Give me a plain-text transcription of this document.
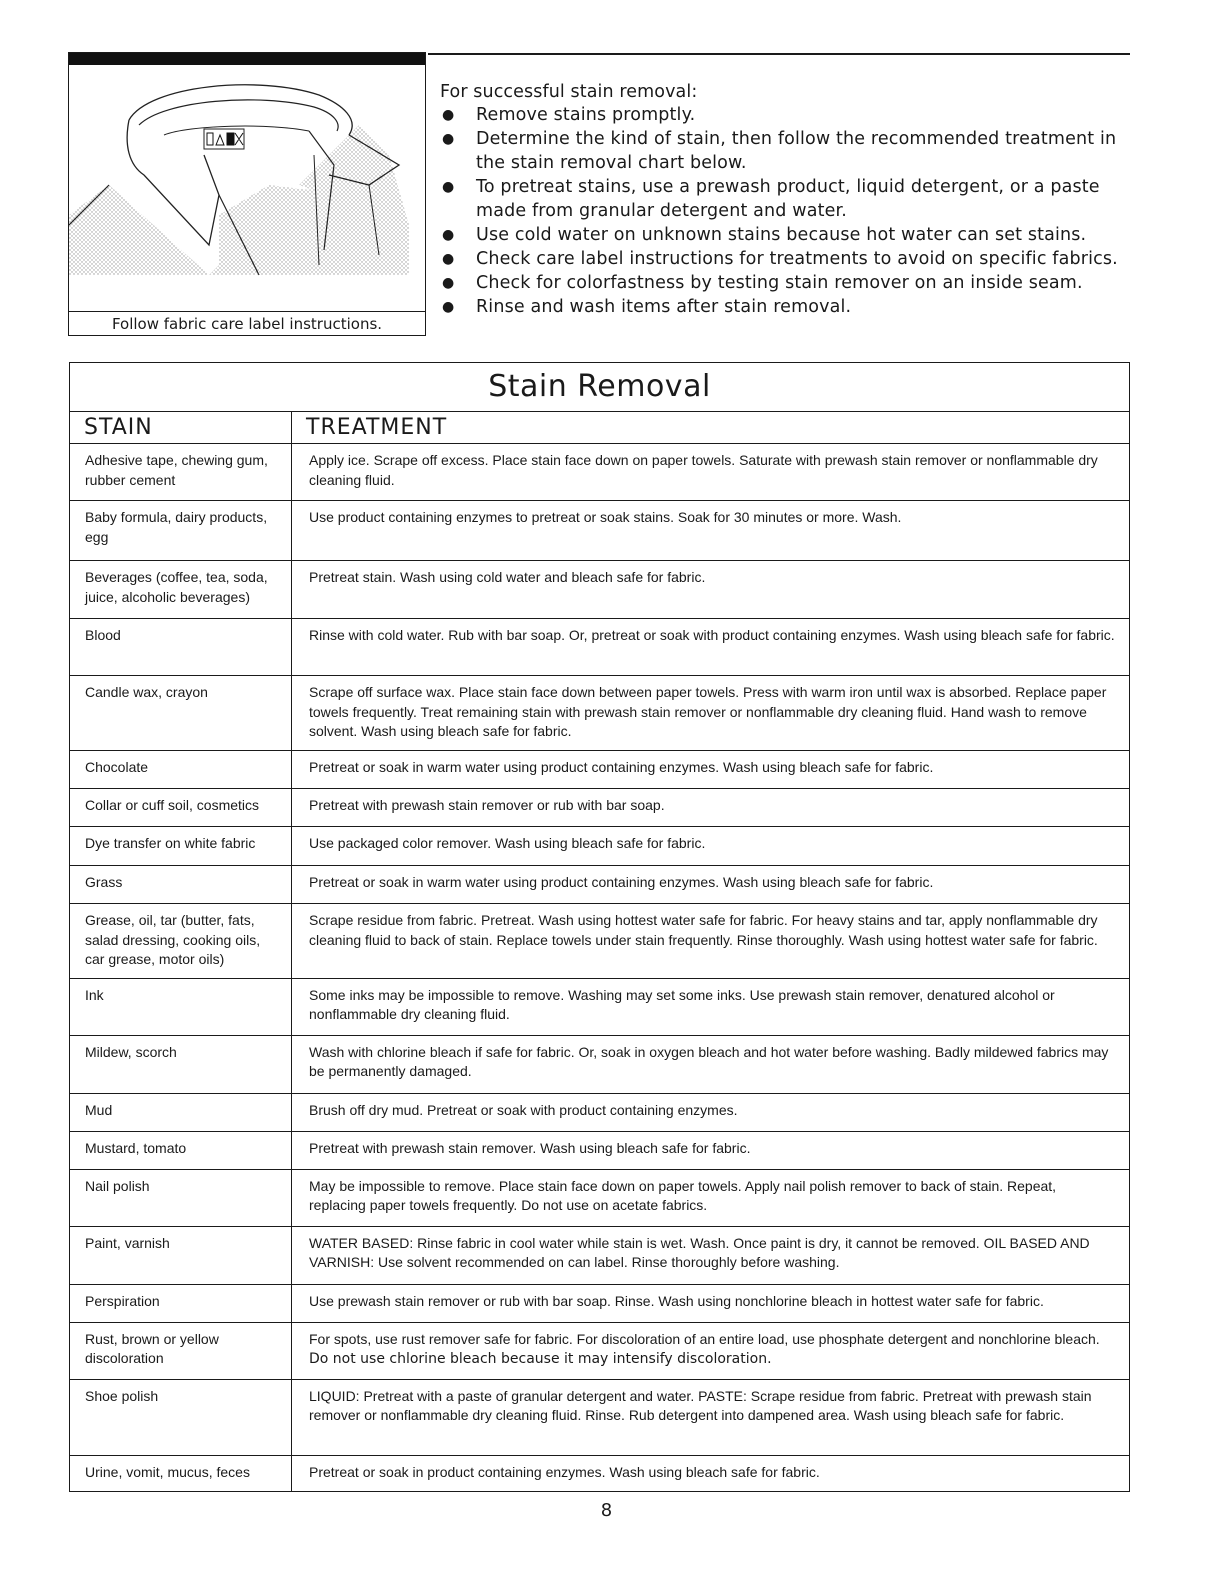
Follow fabric care label instructions.
For successful stain removal:
● Remove stains promptly.
● Determine the kind of stain, then follow the recommended treatment in the stain removal chart below.
● To pretreat stains, use a prewash product, liquid detergent, or a paste made from granular detergent and water.
● Use cold water on unknown stains because hot water can set stains.
● Check care label instructions for treatments to avoid on specific fabrics.
● Check for colorfastness by testing stain remover on an inside seam.
● Rinse and wash items after stain removal.
Stain Removal	
STAIN	TREATMENT
Adhesive tape, chewing gum, rubber cement	Apply ice. Scrape off excess. Place stain face down on paper towels. Saturate with prewash stain remover or nonflammable dry cleaning fluid.
Baby formula, dairy products, egg	Use product containing enzymes to pretreat or soak stains. Soak for 30 minutes or more. Wash.
Beverages (coffee, tea, soda, juice, alcoholic beverages)	Pretreat stain. Wash using cold water and bleach safe for fabric.
Blood	Rinse with cold water. Rub with bar soap. Or, pretreat or soak with product containing enzymes. Wash using bleach safe for fabric.
Candle wax, crayon	Scrape off surface wax. Place stain face down between paper towels. Press with warm iron until wax is absorbed. Replace paper towels frequently. Treat remaining stain with prewash stain remover or nonflammable dry cleaning fluid. Hand wash to remove solvent. Wash using bleach safe for fabric.
Chocolate	Pretreat or soak in warm water using product containing enzymes. Wash using bleach safe for fabric.
Collar or cuff soil, cosmetics	Pretreat with prewash stain remover or rub with bar soap.
Dye transfer on white fabric	Use packaged color remover. Wash using bleach safe for fabric.
Grass	Pretreat or soak in warm water using product containing enzymes. Wash using bleach safe for fabric.
Grease, oil, tar (butter, fats, salad dressing, cooking oils, car grease, motor oils)	Scrape residue from fabric. Pretreat. Wash using hottest water safe for fabric. For heavy stains and tar, apply nonflammable dry cleaning fluid to back of stain. Replace towels under stain frequently. Rinse thoroughly. Wash using hottest water safe for fabric.
Ink	Some inks may be impossible to remove. Washing may set some inks. Use prewash stain remover, denatured alcohol or nonflammable dry cleaning fluid.
Mildew, scorch	Wash with chlorine bleach if safe for fabric. Or, soak in oxygen bleach and hot water before washing. Badly mildewed fabrics may be permanently damaged.
Mud	Brush off dry mud. Pretreat or soak with product containing enzymes.
Mustard, tomato	Pretreat with prewash stain remover. Wash using bleach safe for fabric.
Nail polish	May be impossible to remove. Place stain face down on paper towels. Apply nail polish remover to back of stain. Repeat, replacing paper towels frequently. Do not use on acetate fabrics.
Paint, varnish	WATER BASED: Rinse fabric in cool water while stain is wet. Wash. Once paint is dry, it cannot be removed. OIL BASED AND VARNISH: Use solvent recommended on can label. Rinse thoroughly before washing.
Perspiration	Use prewash stain remover or rub with bar soap. Rinse. Wash using nonchlorine bleach in hottest water safe for fabric.
Rust, brown or yellow discoloration	For spots, use rust remover safe for fabric. For discoloration of an entire load, use phosphate detergent and nonchlorine bleach. Do not use chlorine bleach because it may intensify discoloration.
Shoe polish	LIQUID: Pretreat with a paste of granular detergent and water. PASTE: Scrape residue from fabric. Pretreat with prewash stain remover or nonflammable dry cleaning fluid. Rinse. Rub detergent into dampened area. Wash using bleach safe for fabric.
Urine, vomit, mucus, feces	Pretreat or soak in product containing enzymes. Wash using bleach safe for fabric.
8
